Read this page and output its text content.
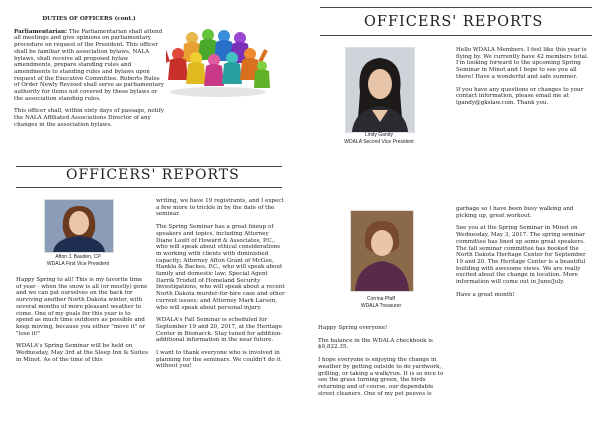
DUTIES OF OFFICERS (cont.)

Parliamentarian: The Parliamentarian shall attend all meetings and give opinions on parliamentary procedure on request of the President. This officer shall be familiar with association bylaws, NALA bylaws, shall receive all proposed bylaw amendments, prepare standing rules and amendments to standing rules and bylaws upon request of the Executive Committee. Roberts Rules of Order Newly Revised shall serve as parliamentary authority for items not covered by these bylaws or the association standing rules.

This officer shall, within sixty days of passage, notify the NALA Affiliated Associations Director of any changes in the association bylaws.

OFFICERS' REPORTS
Lindy Gandy
WDALA Second Vice President

Hello WDALA Members. I feel like this year is flying by. We currently have 42 members total. I'm looking forward to the upcoming Spring Seminar in Minot and I hope to see you all there! Have a wonderful and safe summer.

If you have any questions or changes to your contact information, please email me at lgandy@gkslaw.com. Thank you.

OFFICERS' REPORTS
Afton J. Bauden, CP
WDALA First Vice President

Happy Spring to all! This is my favorite time of year - when the snow is all (or mostly) gone and we can pat ourselves on the back for surviving another North Dakota winter, with several months of more pleasant weather to come. One of my goals for this year is to spend as much time outdoors as possible and keep moving, because you either "move it" or "lose it!"

WDALA's Spring Seminar will be held on Wednesday, May 3rd at the Sleep Inn & Suites in Minot. As of the time of this

writing, we have 19 registrants, and I expect a few more to trickle in by the date of the seminar.

The Spring Seminar has a great lineup of speakers and topics, including Attorney Diane Lautt of Howard & Associates, P.C., who will speak about ethical considerations in working with clients with diminished capacity; Attorney Afton Grant of McGee, Hankla & Backes, P.C., who will speak about family and domestic law; Special Agent Darrik Trudell of Homeland Security Investigations, who will speak about a recent North Dakota murder-for-hire case and other current issues; and Attorney Mark Larson, who will speak about personal injury.

WDALA's Fall Seminar is scheduled for September 19 and 20, 2017, at the Heritage Center in Bismarck. Stay tuned for addition-additional information in the near future.

I want to thank everyone who is involved in planning for the seminars. We couldn't do it without you!

Corrina Pfaff
WDALA Treasurer

Happy Spring everyone!

The balance in the WDALA checkbook is $9,822.35.

I hope everyone is enjoying the change in weather by getting outside to do yardwork, grilling, or taking a walk/run. It is so nice to see the grass turning green, the birds returning and of course, our dependable street cleaners. One of my pet peeves is

garbage so I have been busy walking and picking up, great workout.

See you at the Spring Seminar in Minot on Wednesday, May 3, 2017. The spring seminar committee has lined up some great speakers. The fall seminar committee has booked the North Dakota Heritage Center for September 19 and 20. The Heritage Center is a beautiful building with awesome views. We are really excited about the change in location. More information will come out in June/July.

Have a great month!
